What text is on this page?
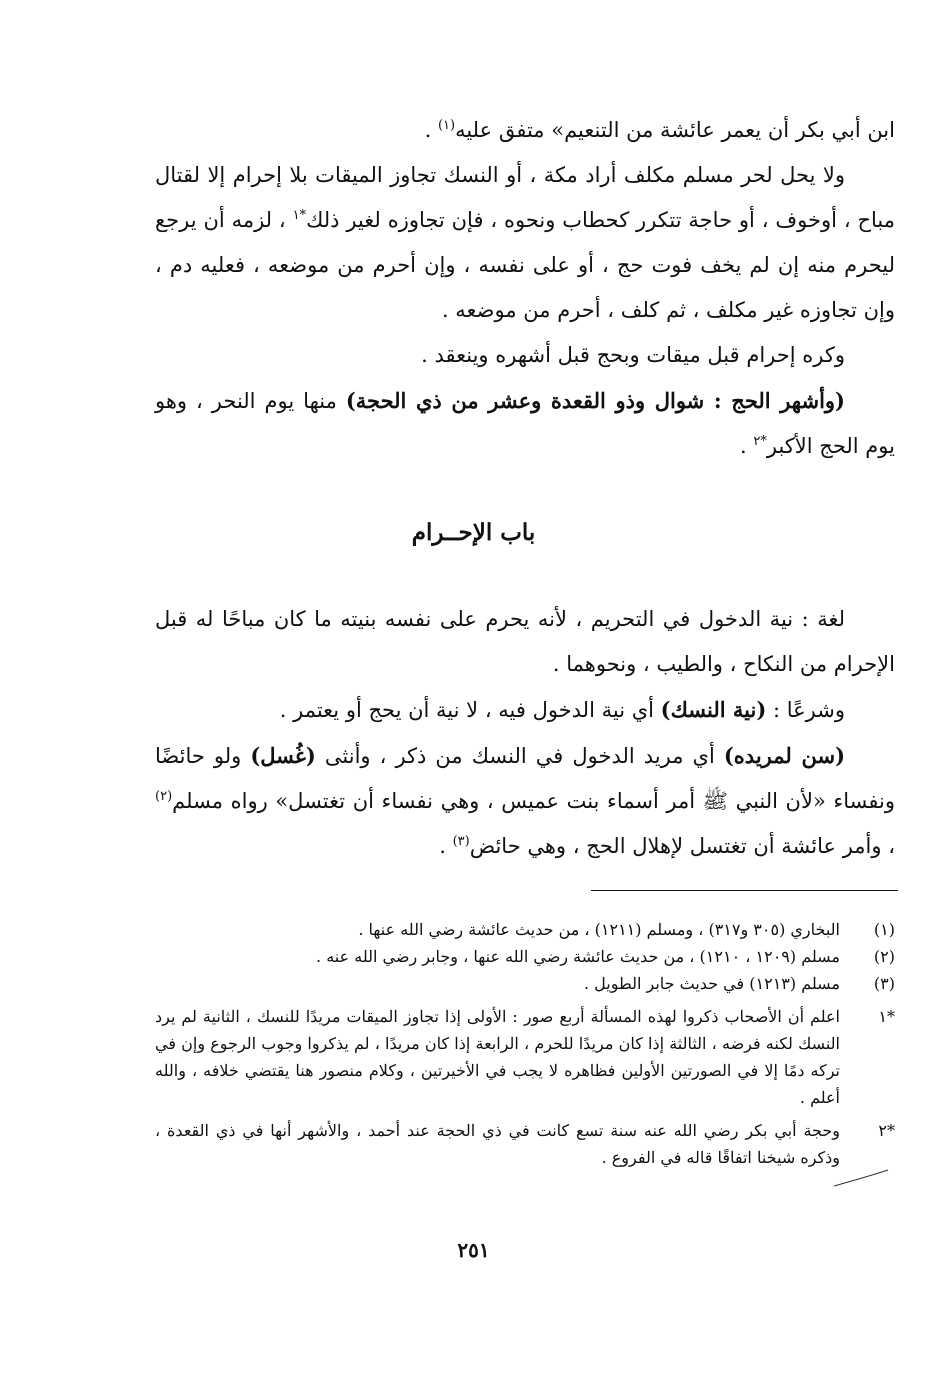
ابن أبي بكر أن يعمر عائشة من التنعيم» متفق عليه$^{(١)}$ .

ولا يحل لحر مسلم مكلف أراد مكة ، أو النسك تجاوز الميقات بلا إحرام إلا لقتال مباح ، أوخوف ، أو حاجة تتكرر كحطاب ونحوه ، فإن تجاوزه لغير ذلك$^{*١}$ ، لزمه أن يرجع ليحرم منه إن لم يخف فوت حج ، أو على نفسه ، وإن أحرم من موضعه ، فعليه دم ، وإن تجاوزه غير مكلف ، ثم كلف ، أحرم من موضعه .

وكره إحرام قبل ميقات وبحج قبل أشهره وينعقد .

(وأشهر الحج : شوال وذو القعدة وعشر من ذي الحجة) منها يوم النحر ، وهو يوم الحج الأكبر$^{*٢}$ .

باب الإحــرام

لغة : نية الدخول في التحريم ، لأنه يحرم على نفسه بنيته ما كان مباحًا له قبل الإحرام من النكاح ، والطيب ، ونحوهما .

وشرعًا : (نية النسك) أي نية الدخول فيه ، لا نية أن يحج أو يعتمر .

(سن لمريده) أي مريد الدخول في النسك من ذكر ، وأنثى (غُسل) ولو حائضًا ونفساء «لأن النبي ﷺ أمر أسماء بنت عميس ، وهي نفساء أن تغتسل» رواه مسلم$^{(٢)}$ ، وأمر عائشة أن تغتسل لإهلال الحج ، وهي حائض$^{(٣)}$ .

(١)
البخاري (٣٠٥ و٣١٧) ، ومسلم (١٢١١) ، من حديث عائشة رضي الله عنها .
(٢)
مسلم (١٢٠٩ ، ١٢١٠) ، من حديث عائشة رضي الله عنها ، وجابر رضي الله عنه .
(٣)
مسلم (١٢١٣) في حديث جابر الطويل .
*١
اعلم أن الأصحاب ذكروا لهذه المسألة أربع صور : الأولى إذا تجاوز الميقات مريدًا للنسك ، الثانية لم يرد النسك لكنه فرضه ، الثالثة إذا كان مريدًا للحرم ، الرابعة إذا كان مريدًا ، لم يذكروا وجوب الرجوع وإن في تركه دمًا إلا في الصورتين الأولين فظاهره لا يجب في الأخيرتين ، وكلام منصور هنا يقتضي خلافه ، والله أعلم .
*٢
وحجة أبي بكر رضي الله عنه سنة تسع كانت في ذي الحجة عند أحمد ، والأشهر أنها في ذي القعدة ، وذكره شيخنا اتفاقًا قاله في الفروع .
٢٥١
